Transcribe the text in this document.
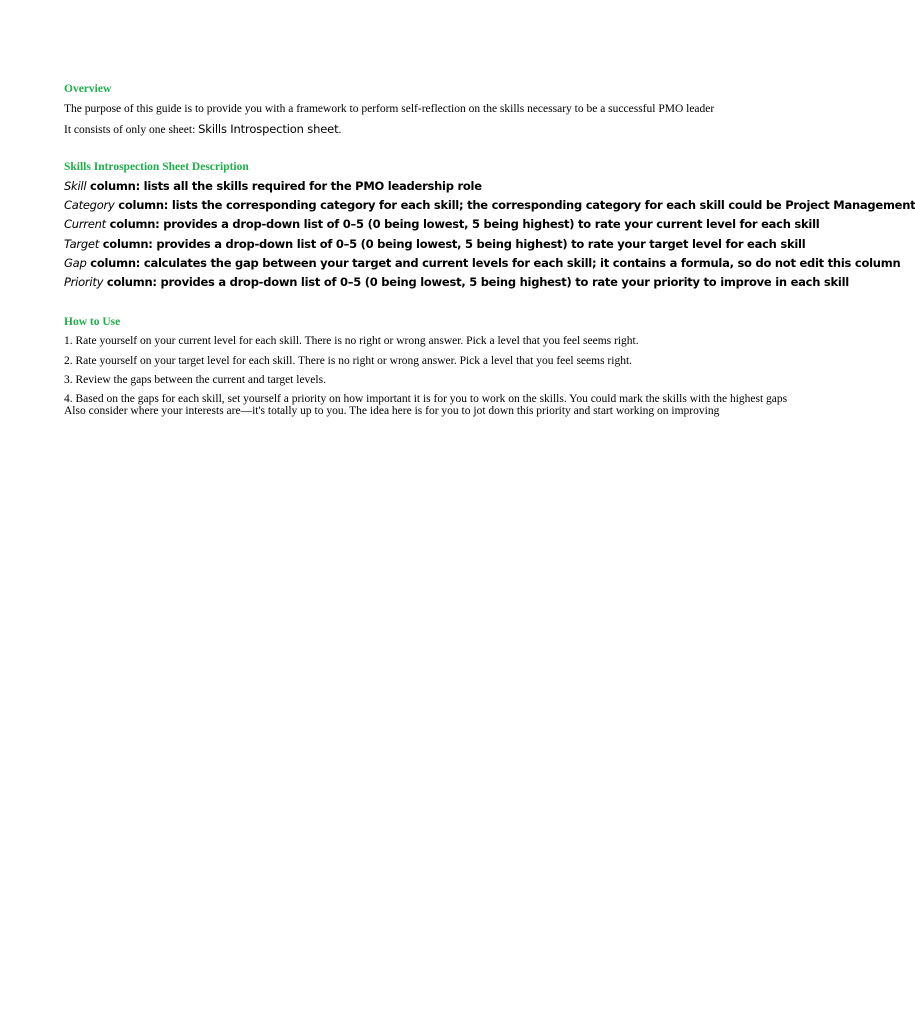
Overview
The purpose of this guide is to provide you with a framework to perform self-reflection on the skills necessary to be a successful PMO leader
It consists of only one sheet: Skills Introspection sheet.
Skills Introspection Sheet Description
Skill column: lists all the skills required for the PMO leadership role
Category column: lists the corresponding category for each skill; the corresponding category for each skill could be Project Management
Current column: provides a drop-down list of 0–5 (0 being lowest, 5 being highest) to rate your current level for each skill
Target column: provides a drop-down list of 0–5 (0 being lowest, 5 being highest) to rate your target level for each skill
Gap column: calculates the gap between your target and current levels for each skill; it contains a formula, so do not edit this column
Priority column: provides a drop-down list of 0–5 (0 being lowest, 5 being highest) to rate your priority to improve in each skill
How to Use
1. Rate yourself on your current level for each skill. There is no right or wrong answer. Pick a level that you feel seems right.
2. Rate yourself on your target level for each skill. There is no right or wrong answer. Pick a level that you feel seems right.
3. Review the gaps between the current and target levels.
4. Based on the gaps for each skill, set yourself a priority on how important it is for you to work on the skills. You could mark the skills with the highest gaps
Also consider where your interests are—it's totally up to you. The idea here is for you to jot down this priority and start working on improving
